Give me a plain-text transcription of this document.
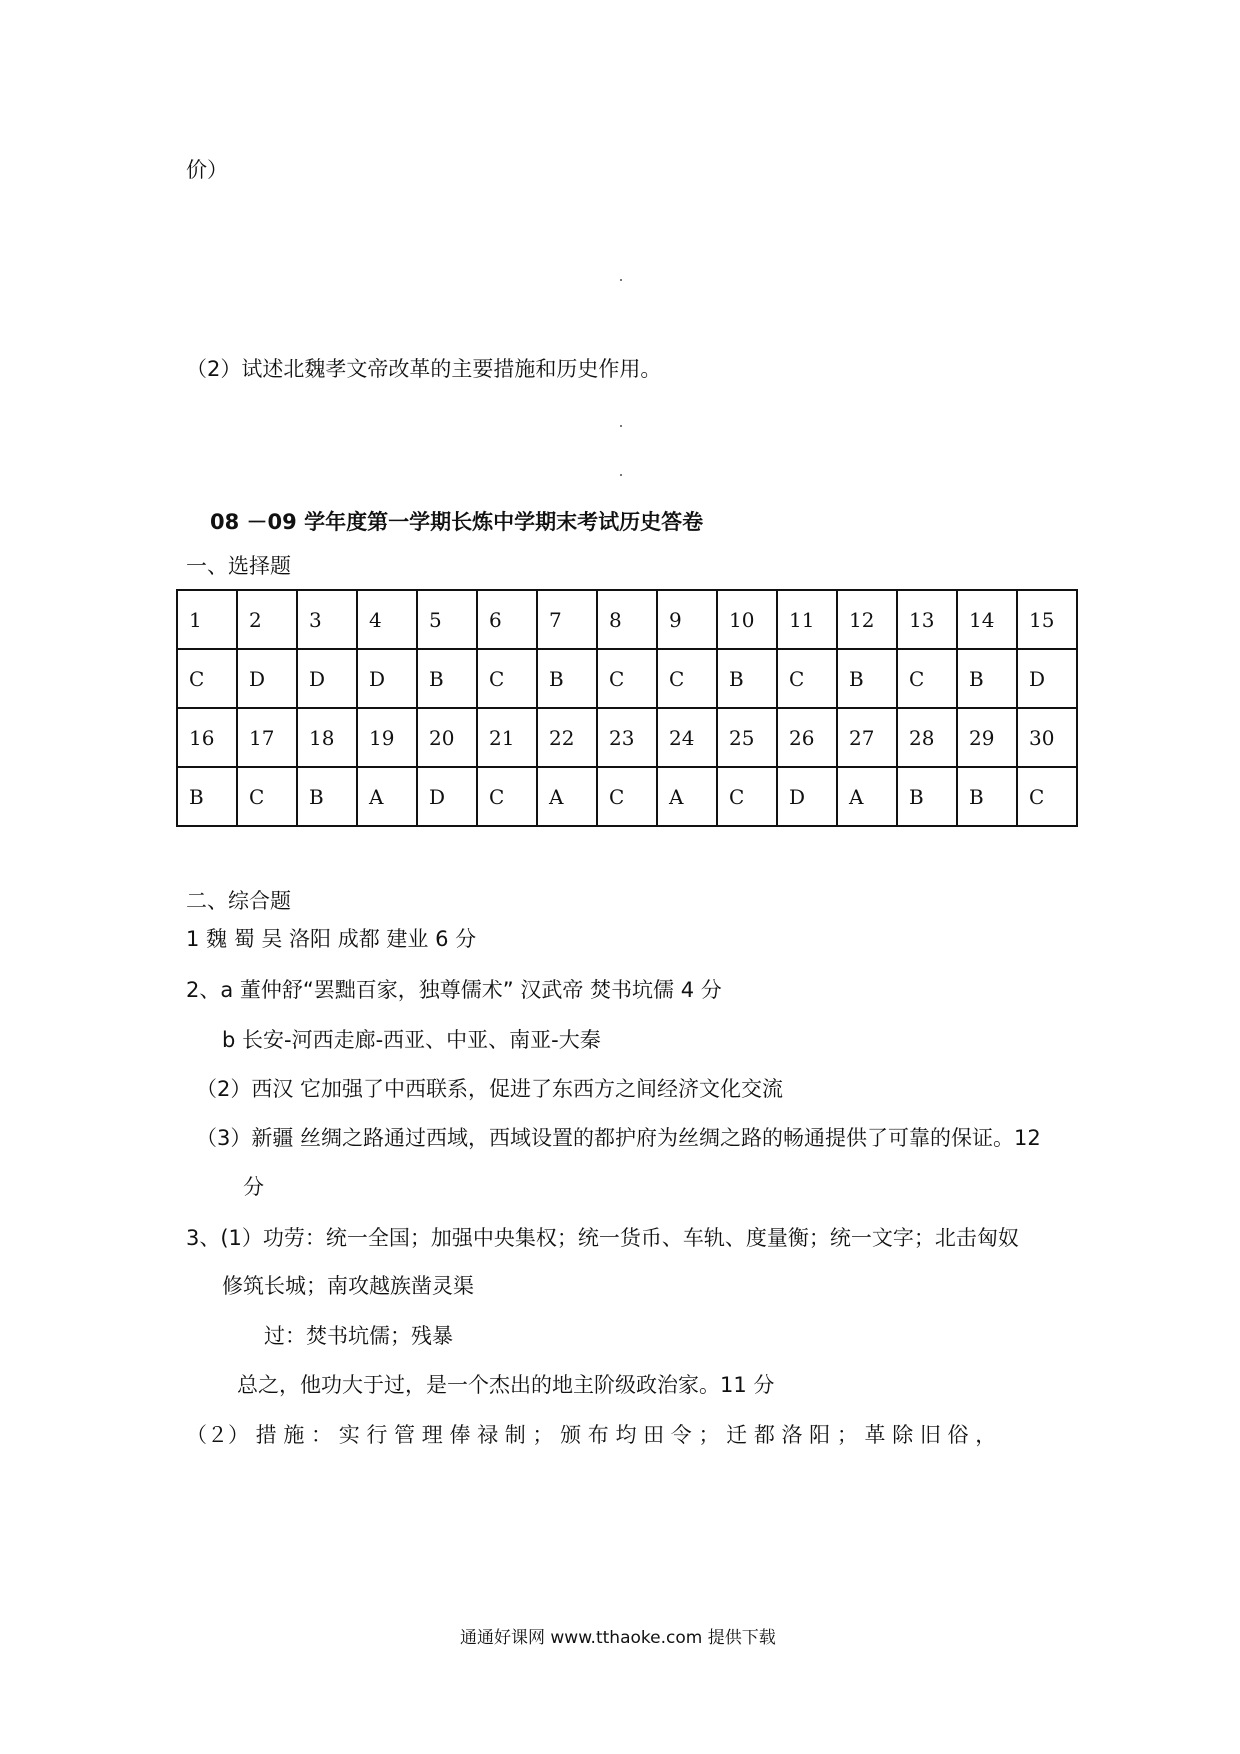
价）
（2）试述北魏孝文帝改革的主要措施和历史作用。
08 －09 学年度第一学期长炼中学期末考试历史答卷
一、选择题
1	2	3	4	5	6	7	8	9	10	11	12	13	14	15
C	D	D	D	B	C	B	C	C	B	C	B	C	B	D
16	17	18	19	20	21	22	23	24	25	26	27	28	29	30
B	C	B	A	D	C	A	C	A	C	D	A	B	B	C
二、综合题
1 魏 蜀 吴 洛阳 成都 建业 6 分
2、a 董仲舒“罢黜百家，独尊儒术” 汉武帝 焚书坑儒 4 分
b 长安-河西走廊-西亚、中亚、南亚-大秦
（2）西汉 它加强了中西联系，促进了东西方之间经济文化交流
（3）新疆 丝绸之路通过西域，西域设置的都护府为丝绸之路的畅通提供了可靠的保证。12
分
3、(1）功劳：统一全国；加强中央集权；统一货币、车轨、度量衡；统一文字；北击匈奴
修筑长城；南攻越族凿灵渠
过：焚书坑儒；残暴
总之，他功大于过，是一个杰出的地主阶级政治家。11 分
（２） 措 施 ： 实 行 管 理 俸 禄 制 ； 颁 布 均 田 令 ； 迁 都 洛 阳 ； 革 除 旧 俗 ，
通通好课网 www.tthaoke.com 提供下载
